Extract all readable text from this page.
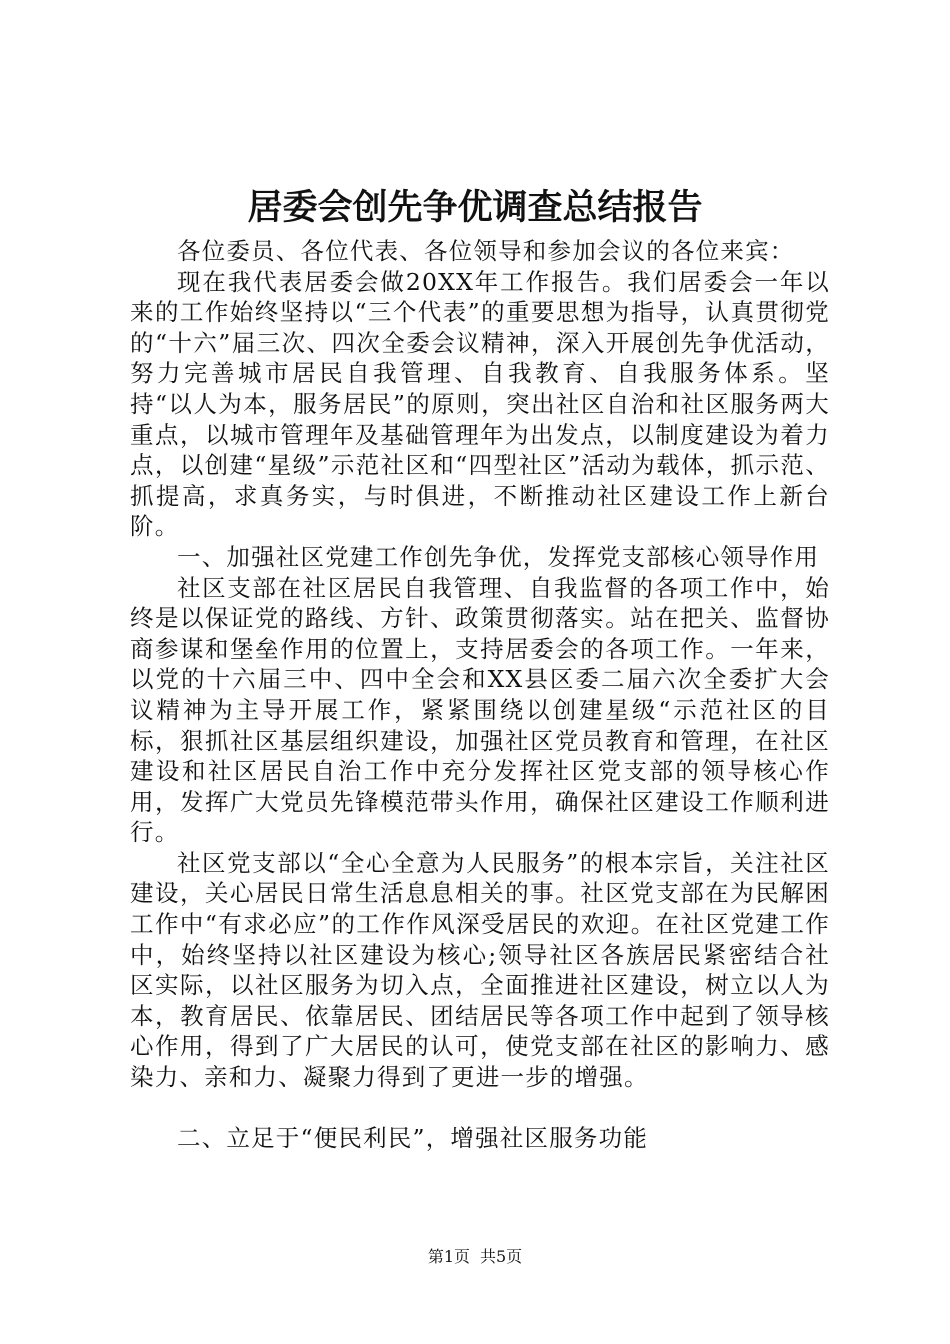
居委会创先争优调查总结报告

各位委员、各位代表、各位领导和参加会议的各位来宾：

现在我代表居委会做20XX年工作报告。我们居委会一年以来的工作始终坚持以“三个代表”的重要思想为指导，认真贯彻党的“十六”届三次、四次全委会议精神，深入开展创先争优活动，努力完善城市居民自我管理、自我教育、自我服务体系。坚持“以人为本，服务居民”的原则，突出社区自治和社区服务两大重点，以城市管理年及基础管理年为出发点，以制度建设为着力点，以创建“星级”示范社区和“四型社区”活动为载体，抓示范、抓提高，求真务实，与时俱进，不断推动社区建设工作上新台阶。

一、加强社区党建工作创先争优，发挥党支部核心领导作用

社区支部在社区居民自我管理、自我监督的各项工作中，始终是以保证党的路线、方针、政策贯彻落实。站在把关、监督协商参谋和堡垒作用的位置上，支持居委会的各项工作。一年来，以党的十六届三中、四中全会和XX县区委二届六次全委扩大会议精神为主导开展工作，紧紧围绕以创建星级“示范社区的目标，狠抓社区基层组织建设，加强社区党员教育和管理，在社区建设和社区居民自治工作中充分发挥社区党支部的领导核心作用，发挥广大党员先锋模范带头作用，确保社区建设工作顺利进行。

社区党支部以“全心全意为人民服务”的根本宗旨，关注社区建设，关心居民日常生活息息相关的事。社区党支部在为民解困工作中“有求必应”的工作作风深受居民的欢迎。在社区党建工作中，始终坚持以社区建设为核心;领导社区各族居民紧密结合社区实际，以社区服务为切入点，全面推进社区建设，树立以人为本，教育居民、依靠居民、团结居民等各项工作中起到了领导核心作用，得到了广大居民的认可，使党支部在社区的影响力、感染力、亲和力、凝聚力得到了更进一步的增强。

二、立足于“便民利民”，增强社区服务功能

第1页 共5页
